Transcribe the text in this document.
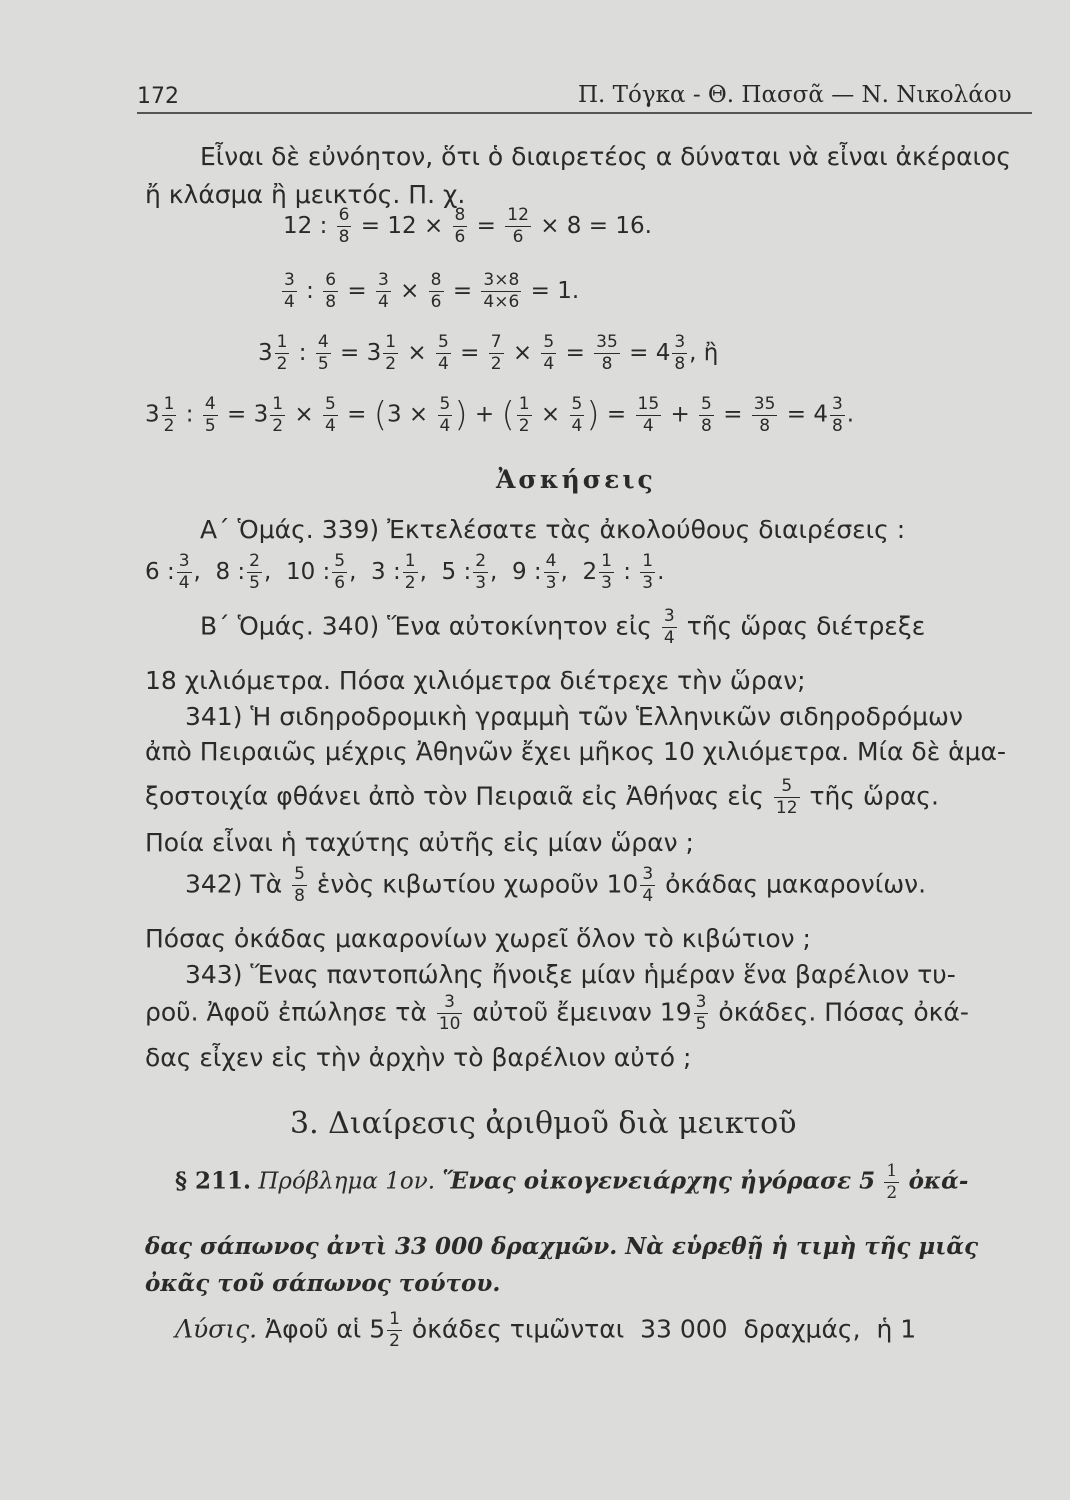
172	Π. Τόγκα - Θ. Πασσᾶ — Ν. Νικολάου
Εἶναι δὲ εὐνόητον, ὅτι ὁ διαιρετέος α δύναται νὰ εἶναι ἀκέραιος
ἤ κλάσμα ἢ μεικτός. Π. χ.
12 : $\frac{6}{8} = 12 \times \frac{8}{6} = \frac{12}{6} \times 8 = 16$.
$\frac{3}{4}$ : $\frac{6}{8} = \frac{3}{4} \times \frac{8}{6} = \frac{3\times 8}{4\times 6} = 1$.
$3 \frac{1}{2}$ : $\frac{4}{5} = 3 \frac{1}{2} \times \frac{5}{4} = \frac{7}{2} \times \frac{5}{4} = \frac{35}{8} = 4 \frac{3}{8}$ , ἢ
$3 \frac{1}{2}$ : $\frac{4}{5} = 3 \frac{1}{2} \times \frac{5}{4} = (3 \times \frac{5}{4}$ ) + ( $\frac{1}{2} \times \frac{5}{4}$ ) = $\frac{15}{4} + \frac{5}{8} = \frac{35}{8} = 4 \frac{3}{8}$ .
Ἀσκήσεις
Α΄ Ὁμάς. 339) Ἐκτελέσατε τὰς ἀκολούθους διαιρέσεις :
6 : $\frac{3}{4}$ ,  8 : $\frac{2}{5}$ ,  10 : $\frac{5}{6}$ ,  3 : $\frac{1}{2}$ ,  5 : $\frac{2}{3}$ ,  9 : $\frac{4}{3}$ ,  $2 \frac{1}{3}$ : $\frac{1}{3}$ .
Β΄ Ὁμάς. 340) Ἕνα αὐτοκίνητον εἰς $\frac{3}{4}$ τῆς ὥρας διέτρεξε
18 χιλιόμετρα. Πόσα χιλιόμετρα διέτρεχε τὴν ὥραν;
341) Ἡ σιδηροδρομικὴ γραμμὴ τῶν Ἑλληνικῶν σιδηροδρόμων
ἀπὸ Πειραιῶς μέχρις Ἀθηνῶν ἔχει μῆκος 10 χιλιόμετρα. Μία δὲ ἁμα-
ξοστοιχία φθάνει ἀπὸ τὸν Πειραιᾶ εἰς Ἀθήνας εἰς $\frac{5}{12}$ τῆς ὥρας.
Ποία εἶναι ἡ ταχύτης αὐτῆς εἰς μίαν ὥραν ;
342) Τὰ $\frac{5}{8}$ ἑνὸς κιβωτίου χωροῦν $10 \frac{3}{4}$ ὀκάδας μακαρονίων.
Πόσας ὀκάδας μακαρονίων χωρεῖ ὅλον τὸ κιβώτιον ;
343) Ἕνας παντοπώλης ἤνοιξε μίαν ἡμέραν ἕνα βαρέλιον τυ-
ροῦ. Ἀφοῦ ἐπώλησε τὰ $\frac{3}{10}$ αὐτοῦ ἔμειναν $19 \frac{3}{5}$ ὀκάδες. Πόσας ὀκά-
δας εἶχεν εἰς τὴν ἀρχὴν τὸ βαρέλιον αὐτό ;
3. Διαίρεσις ἀριθμοῦ διὰ μεικτοῦ
§ 211. Πρόβλημα 1ον. Ἕνας οἰκογενειάρχης ἠγόρασε $5 \frac{1}{2}$ ὀκά-
δας σάπωνος ἀντὶ 33 000 δραχμῶν. Νὰ εὑρεθῇ ἡ τιμὴ τῆς μιᾶς
ὀκᾶς τοῦ σάπωνος τούτου.
Λύσις. Ἀφοῦ αἱ $5 \frac{1}{2}$ ὀκάδες τιμῶνται 33 000 δραχμάς, ἡ 1
